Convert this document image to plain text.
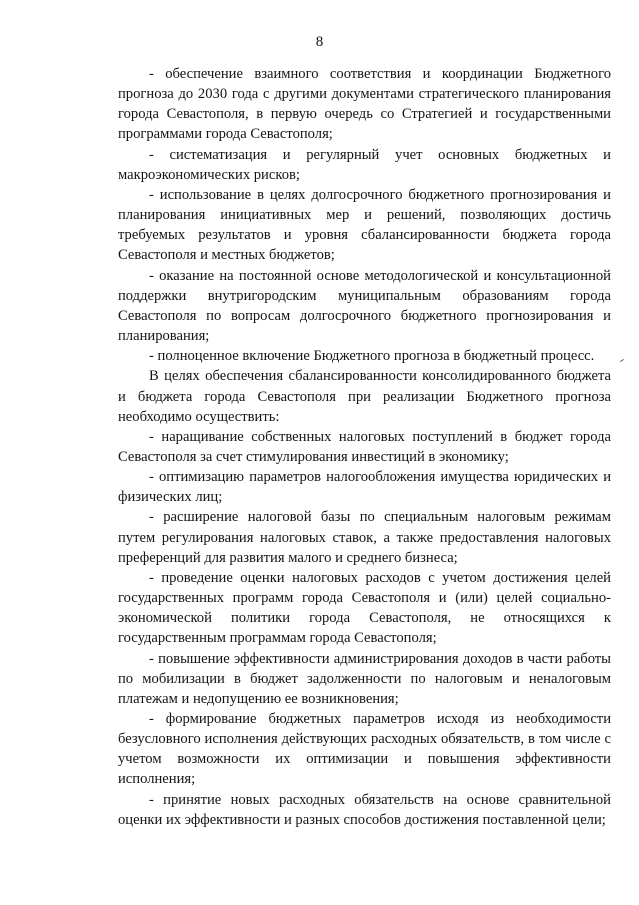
8

- обеспечение взаимного соответствия и координации Бюджетного прогноза до 2030 года с другими документами стратегического планирования города Севастополя, в первую очередь со Стратегией и государственными программами города Севастополя;

- систематизация и регулярный учет основных бюджетных и макроэкономических рисков;

- использование в целях долгосрочного бюджетного прогнозирования и планирования инициативных мер и решений, позволяющих достичь требуемых результатов и уровня сбалансированности бюджета города Севастополя и местных бюджетов;

- оказание на постоянной основе методологической и консультационной поддержки внутригородским муниципальным образованиям города Севастополя по вопросам долгосрочного бюджетного прогнозирования и планирования;

- полноценное включение Бюджетного прогноза в бюджетный процесс.

В целях обеспечения сбалансированности консолидированного бюджета и бюджета города Севастополя при реализации Бюджетного прогноза необходимо осуществить:

- наращивание собственных налоговых поступлений в бюджет города Севастополя за счет стимулирования инвестиций в экономику;

- оптимизацию параметров налогообложения имущества юридических и физических лиц;

- расширение налоговой базы по специальным налоговым режимам путем регулирования налоговых ставок, а также предоставления налоговых преференций для развития малого и среднего бизнеса;

- проведение оценки налоговых расходов с учетом достижения целей государственных программ города Севастополя и (или) целей социально-экономической политики города Севастополя, не относящихся к государственным программам города Севастополя;

- повышение эффективности администрирования доходов в части работы по мобилизации в бюджет задолженности по налоговым и неналоговым платежам и недопущению ее возникновения;

- формирование бюджетных параметров исходя из необходимости безусловного исполнения действующих расходных обязательств, в том числе с учетом возможности их оптимизации и повышения эффективности исполнения;

- принятие новых расходных обязательств на основе сравнительной оценки их эффективности и разных способов достижения поставленной цели;
